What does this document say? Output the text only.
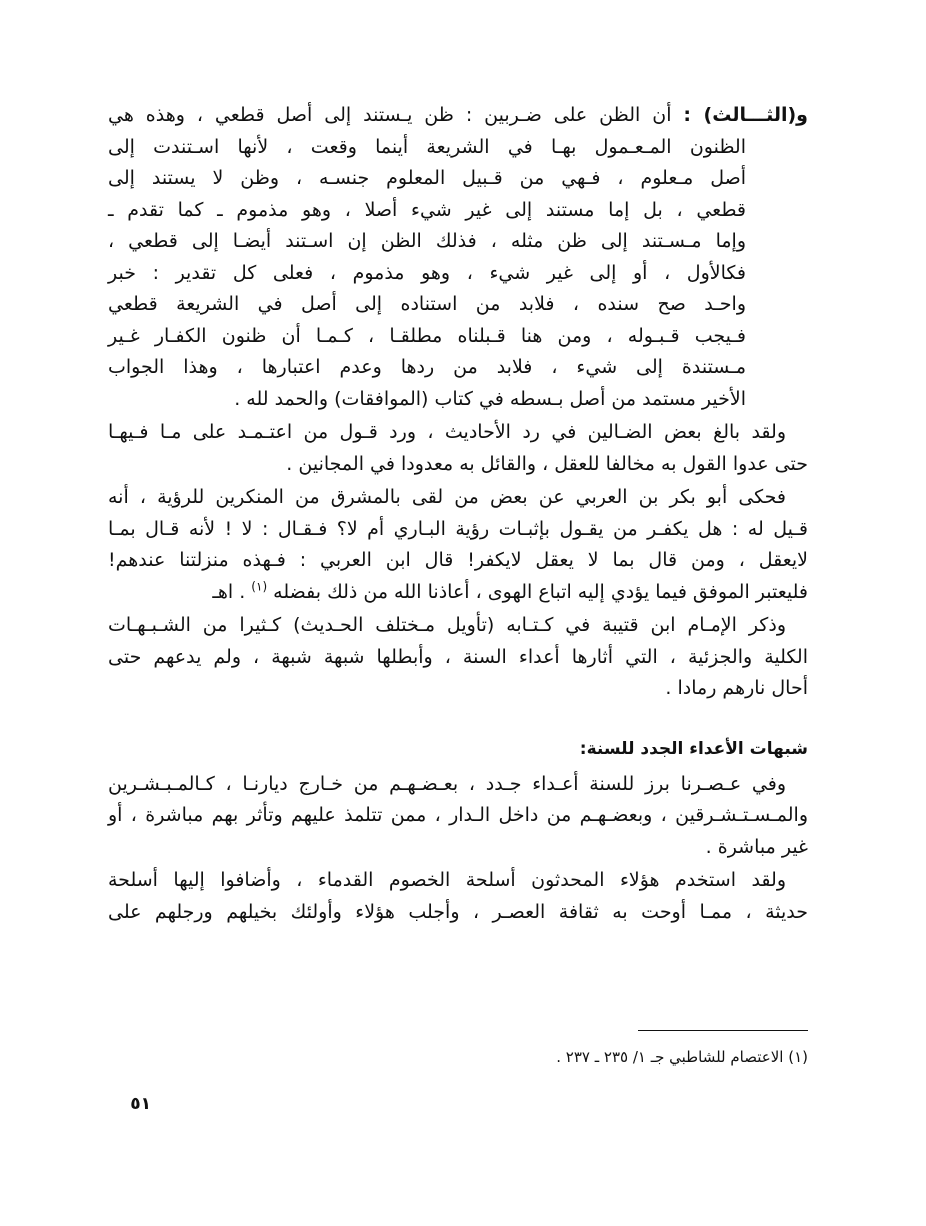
و(الثـــالث) : أن الظن على ضـربين : ظن يـستند إلى أصل قطعي ، وهذه هي
الظنون المـعـمول بهـا في الشريعة أينما وقعت ، لأنها اسـتندت إلى
أصل مـعلوم ، فـهي من قـبيل المعلوم جنسـه ، وظن لا يستند إلى
قطعي ، بل إما مستند إلى غير شيء أصلا ، وهو مذموم ـ كما تقدم ـ
وإما مـسـتند إلى ظن مثله ، فذلك الظن إن اسـتند أيضـا إلى قطعي ،
فكالأول ، أو إلى غير شيء ، وهو مذموم ، فعلى كل تقدير : خبر
واحـد صح سنده ، فلابد من استناده إلى أصل في الشريعة قطعي
فـيجب قـبـوله ، ومن هنا قـبلناه مطلقـا ، كـمـا أن ظنون الكفـار غـير
مـستندة إلى شيء ، فلابد من ردها وعدم اعتبارها ، وهذا الجواب
الأخير مستمد من أصل بـسطه في كتاب (الموافقات) والحمد لله .
ولقد بالغ بعض الضـالين في رد الأحاديث ، ورد قـول من اعتـمـد على مـا فـيهـا
حتى عدوا القول به مخالفا للعقل ، والقائل به معدودا في المجانين .
فحكى أبو بكر بن العربي عن بعض من لقى بالمشرق من المنكرين للرؤية ، أنه
قـيل له : هل يكفـر من يقـول بإثبـات رؤية البـاري أم لا؟ فـقـال : لا ! لأنه قـال بمـا
لايعقل ، ومن قال بما لا يعقل لايكفر! قال ابن العربي : فـهذه منزلتنا عندهم!
فليعتبر الموفق فيما يؤدي إليه اتباع الهوى ، أعاذنا الله من ذلك بفضله $^{(١)}$ . اهـ
وذكر الإمـام ابن قتيبة في كـتـابه (تأويل مـختلف الحـديث) كـثيرا من الشـبـهـات
الكلية والجزئية ، التي أثارها أعداء السنة ، وأبطلها شبهة شبهة ، ولم يدعهم حتى
أحال نارهم رمادا .
شبهات الأعداء الجدد للسنة:
وفي عـصـرنا برز للسنة أعـداء جـدد ، بعـضـهـم من خـارج ديارنـا ، كـالمـبـشـرين
والمـسـتـشـرقين ، وبعضـهـم من داخل الـدار ، ممن تتلمذ عليهم وتأثر بهم مباشرة ، أو
غير مباشرة .
ولقد استخدم هؤلاء المحدثون أسلحة الخصوم القدماء ، وأضافوا إليها أسلحة
حديثة ، ممـا أوحت به ثقافة العصـر ، وأجلب هؤلاء وأولئك بخيلهم ورجلهم على
(١) الاعتصام للشاطبي جـ ١/ ٢٣٥ ـ ٢٣٧ .
٥١
